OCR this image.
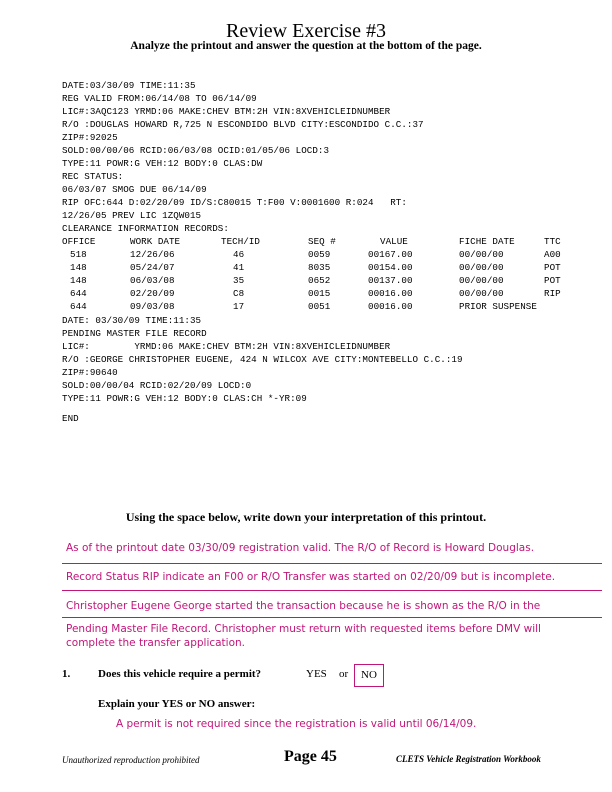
Review Exercise #3
Analyze the printout and answer the question at the bottom of the page.
DATE:03/30/09 TIME:11:35
REG VALID FROM:06/14/08 TO 06/14/09
LIC#:3AQC123 YRMD:06 MAKE:CHEV BTM:2H VIN:8XVEHICLEIDNUMBER
R/O :DOUGLAS HOWARD R,725 N ESCONDIDO BLVD CITY:ESCONDIDO C.C.:37
ZIP#:92025
SOLD:00/00/06 RCID:06/03/08 OCID:01/05/06 LOCD:3
TYPE:11 POWR:G VEH:12 BODY:0 CLAS:DW
REC STATUS:
06/03/07 SMOG DUE 06/14/09
RIP OFC:644 D:02/20/09 ID/S:C80015 T:F00 V:0001600 R:024   RT:
12/26/05 PREV LIC 1ZQW015
CLEARANCE INFORMATION RECORDS:
OFFICE	WORK DATE	TECH/ID	SEQ #	VALUE	FICHE DATE	TTC
518	12/26/06	46	0059	00167.00	00/00/00	A00
148	05/24/07	41	8035	00154.00	00/00/00	POT
148	06/03/08	35	0652	00137.00	00/00/00	POT
644	02/20/09	C8	0015	00016.00	00/00/00	RIP
644	09/03/08	17	0051	00016.00	PRIOR SUSPENSE
DATE: 03/30/09 TIME:11:35
PENDING MASTER FILE RECORD
LIC#:        YRMD:06 MAKE:CHEV BTM:2H VIN:8XVEHICLEIDNUMBER
R/O :GEORGE CHRISTOPHER EUGENE, 424 N WILCOX AVE CITY:MONTEBELLO C.C.:19
ZIP#:90640
SOLD:00/00/04 RCID:02/20/09 LOCD:0
TYPE:11 POWR:G VEH:12 BODY:0 CLAS:CH *-YR:09
END
Using the space below, write down your interpretation of this printout.
As of the printout date 03/30/09 registration valid. The R/O of Record is Howard Douglas.
Record Status RIP indicate an F00 or R/O Transfer was started on 02/20/09 but is incomplete.
Christopher Eugene George started the transaction because he is shown as the R/O in the
Pending Master File Record. Christopher must return with requested items before DMV will
complete the transfer application.
1.	Does this vehicle require a permit?	YES or	NO
Explain your YES or NO answer:
A permit is not required since the registration is valid until 06/14/09.
Unauthorized reproduction prohibited	Page 45	CLETS Vehicle Registration Workbook
